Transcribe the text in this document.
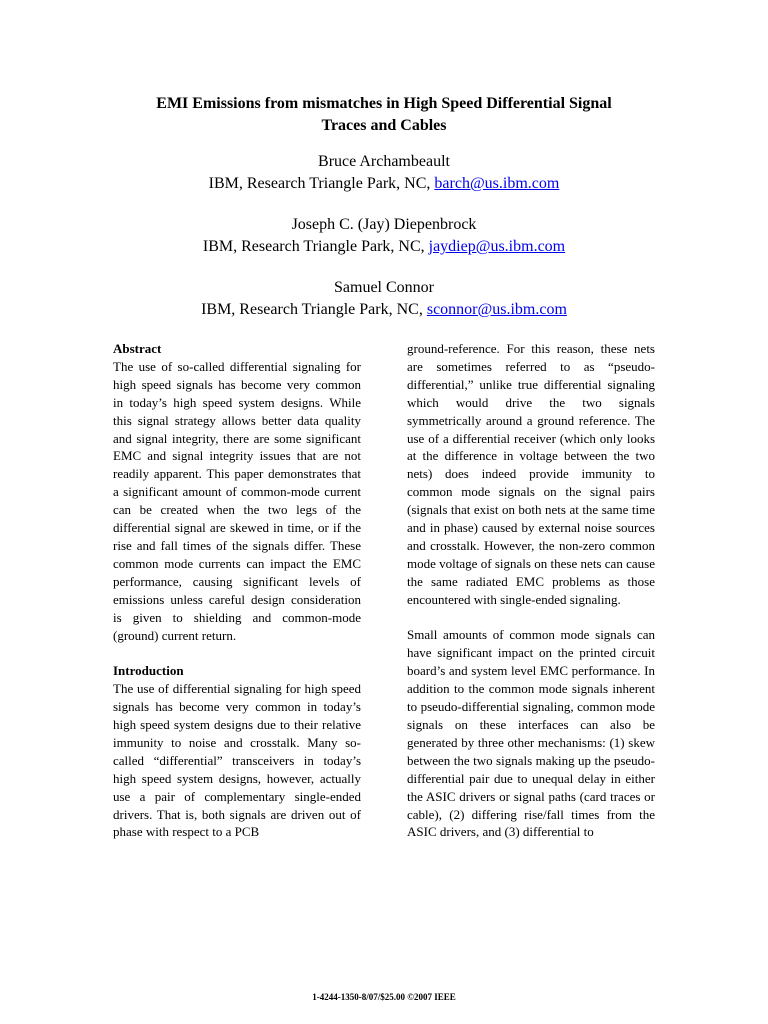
EMI Emissions from mismatches in High Speed Differential Signal
Traces and Cables
Bruce Archambeault
IBM, Research Triangle Park, NC, barch@us.ibm.com
Joseph C. (Jay) Diepenbrock
IBM, Research Triangle Park, NC, jaydiep@us.ibm.com
Samuel Connor
IBM, Research Triangle Park, NC, sconnor@us.ibm.com

Abstract

The use of so-called differential signaling for high speed signals has become very common in today’s high speed system designs. While this signal strategy allows better data quality and signal integrity, there are some significant EMC and signal integrity issues that are not readily apparent. This paper demonstrates that a significant amount of common-mode current can be created when the two legs of the differential signal are skewed in time, or if the rise and fall times of the signals differ. These common mode currents can impact the EMC performance, causing significant levels of emissions unless careful design consideration is given to shielding and common-mode (ground) current return.

Introduction

The use of differential signaling for high speed signals has become very common in today’s high speed system designs due to their relative immunity to noise and crosstalk. Many so-called “differential” transceivers in today’s high speed system designs, however, actually use a pair of complementary single-ended drivers. That is, both signals are driven out of phase with respect to a PCB

ground-reference. For this reason, these nets are sometimes referred to as “pseudo-differential,” unlike true differential signaling which would drive the two signals symmetrically around a ground reference. The use of a differential receiver (which only looks at the difference in voltage between the two nets) does indeed provide immunity to common mode signals on the signal pairs (signals that exist on both nets at the same time and in phase) caused by external noise sources and crosstalk. However, the non-zero common mode voltage of signals on these nets can cause the same radiated EMC problems as those encountered with single-ended signaling.

Small amounts of common mode signals can have significant impact on the printed circuit board’s and system level EMC performance. In addition to the common mode signals inherent to pseudo-differential signaling, common mode signals on these interfaces can also be generated by three other mechanisms: (1) skew between the two signals making up the pseudo-differential pair due to unequal delay in either the ASIC drivers or signal paths (card traces or cable), (2) differing rise/fall times from the ASIC drivers, and (3) differential to

1-4244-1350-8/07/$25.00 ©2007 IEEE
